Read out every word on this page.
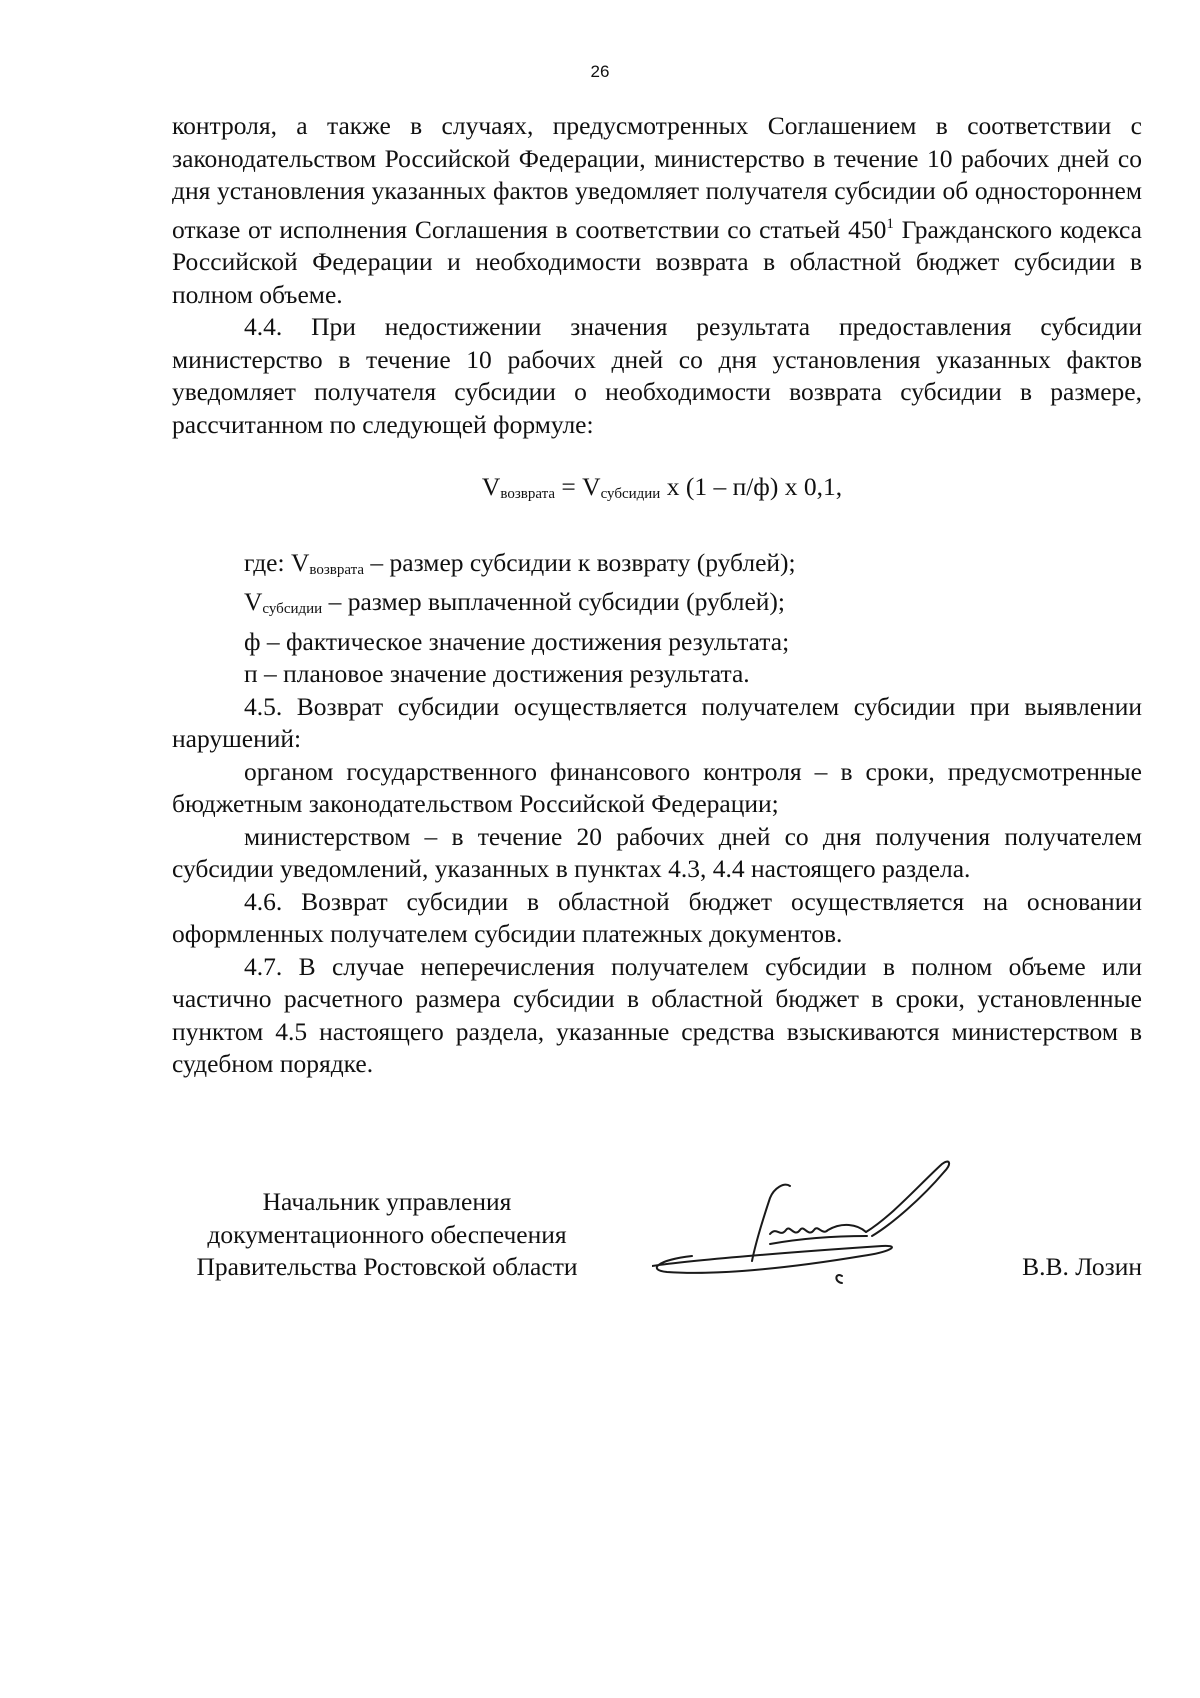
26

контроля, а также в случаях, предусмотренных Соглашением в соответствии с законодательством Российской Федерации, министерство в течение 10 рабочих дней со дня установления указанных фактов уведомляет получателя субсидии об одностороннем отказе от исполнения Соглашения в соответствии со статьей $450^1$ Гражданского кодекса Российской Федерации и необходимости возврата в областной бюджет субсидии в полном объеме.

4.4. При недостижении значения результата предоставления субсидии министерство в течение 10 рабочих дней со дня установления указанных фактов уведомляет получателя субсидии о необходимости возврата субсидии в размере, рассчитанном по следующей формуле:

$V_{возврата} = V_{субсидии}$ х (1 – п/ф) х 0,1,

где: $V_{возврата}$ – размер субсидии к возврату (рублей);

$V_{субсидии}$ – размер выплаченной субсидии (рублей);

ф – фактическое значение достижения результата;

п – плановое значение достижения результата.

4.5. Возврат субсидии осуществляется получателем субсидии при выявлении нарушений:

органом государственного финансового контроля – в сроки, предусмотренные бюджетным законодательством Российской Федерации;

министерством – в течение 20 рабочих дней со дня получения получателем субсидии уведомлений, указанных в пунктах 4.3, 4.4 настоящего раздела.

4.6. Возврат субсидии в областной бюджет осуществляется на основании оформленных получателем субсидии платежных документов.

4.7. В случае неперечисления получателем субсидии в полном объеме или частично расчетного размера субсидии в областной бюджет в сроки, установленные пунктом 4.5 настоящего раздела, указанные средства взыскиваются министерством в судебном порядке.

Начальник управления
документационного обеспечения
Правительства Ростовской области	В.В. Лозин
